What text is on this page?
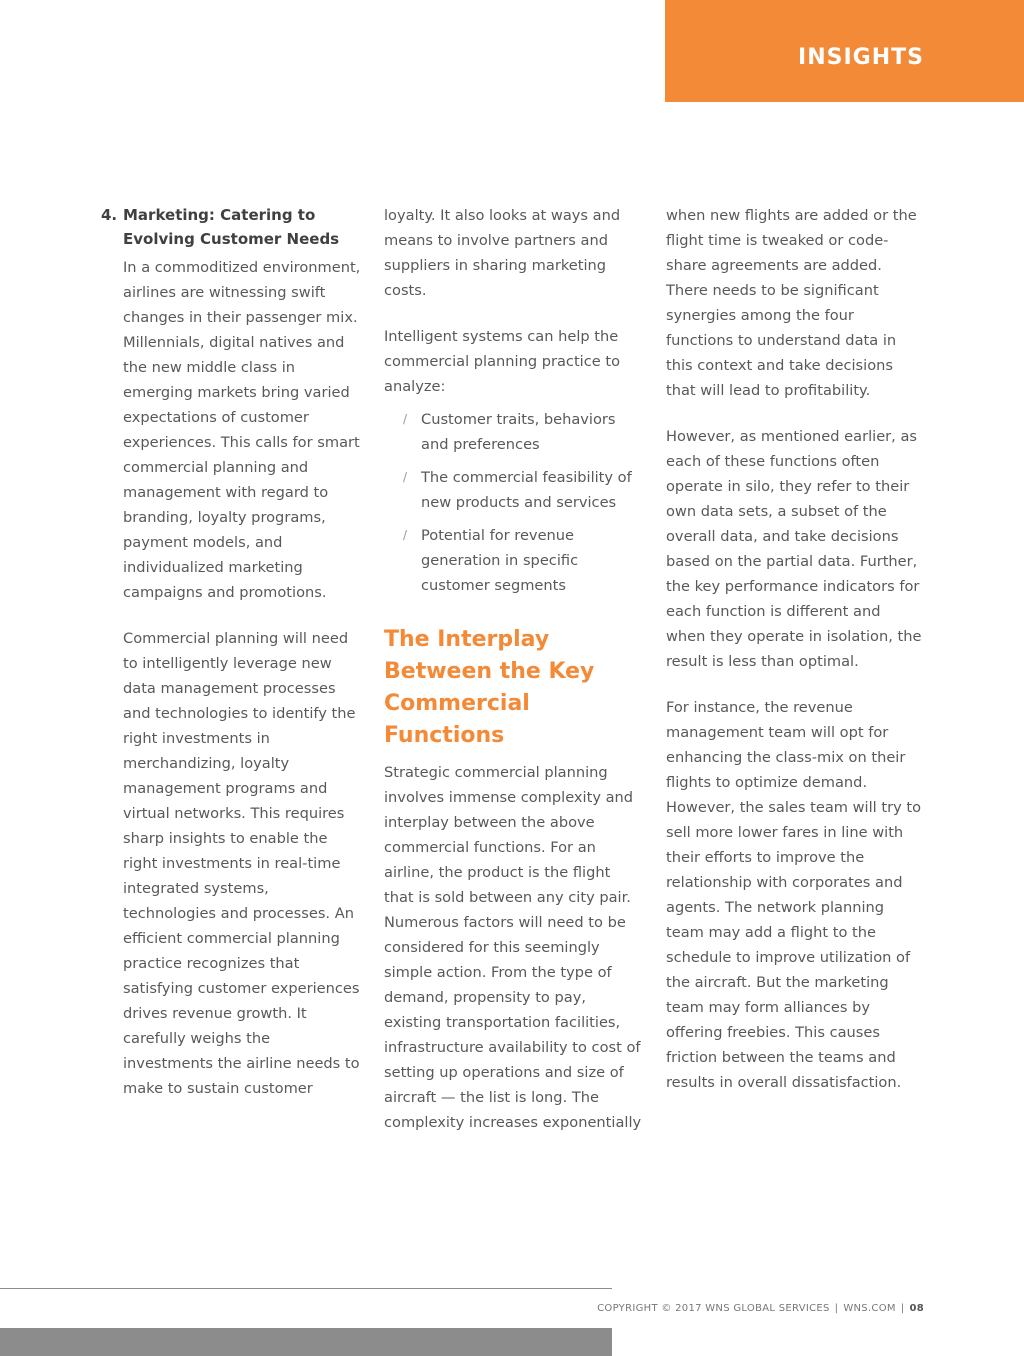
INSIGHTS
4. Marketing: Catering to Evolving Customer Needs

In a commoditized environment, airlines are witnessing swift changes in their passenger mix. Millennials, digital natives and the new middle class in emerging markets bring varied expectations of customer experiences. This calls for smart commercial planning and management with regard to branding, loyalty programs, payment models, and individualized marketing campaigns and promotions.

Commercial planning will need to intelligently leverage new data management processes and technologies to identify the right investments in merchandizing, loyalty management programs and virtual networks. This requires sharp insights to enable the right investments in real-time integrated systems, technologies and processes. An efficient commercial planning practice recognizes that satisfying customer experiences drives revenue growth. It carefully weighs the investments the airline needs to make to sustain customer

loyalty. It also looks at ways and means to involve partners and suppliers in sharing marketing costs.

Intelligent systems can help the commercial planning practice to analyze:

/ Customer traits, behaviors and preferences
/ The commercial feasibility of new products and services
/ Potential for revenue generation in specific customer segments
The Interplay Between the Key Commercial Functions

Strategic commercial planning involves immense complexity and interplay between the above commercial functions. For an airline, the product is the flight that is sold between any city pair. Numerous factors will need to be considered for this seemingly simple action. From the type of demand, propensity to pay, existing transportation facilities, infrastructure availability to cost of setting up operations and size of aircraft — the list is long. The complexity increases exponentially

when new flights are added or the flight time is tweaked or code-share agreements are added. There needs to be significant synergies among the four functions to understand data in this context and take decisions that will lead to profitability.

However, as mentioned earlier, as each of these functions often operate in silo, they refer to their own data sets, a subset of the overall data, and take decisions based on the partial data. Further, the key performance indicators for each function is different and when they operate in isolation, the result is less than optimal.

For instance, the revenue management team will opt for enhancing the class-mix on their flights to optimize demand. However, the sales team will try to sell more lower fares in line with their efforts to improve the relationship with corporates and agents. The network planning team may add a flight to the schedule to improve utilization of the aircraft. But the marketing team may form alliances by offering freebies. This causes friction between the teams and results in overall dissatisfaction.

COPYRIGHT © 2017 WNS GLOBAL SERVICES | WNS.COM | 08
